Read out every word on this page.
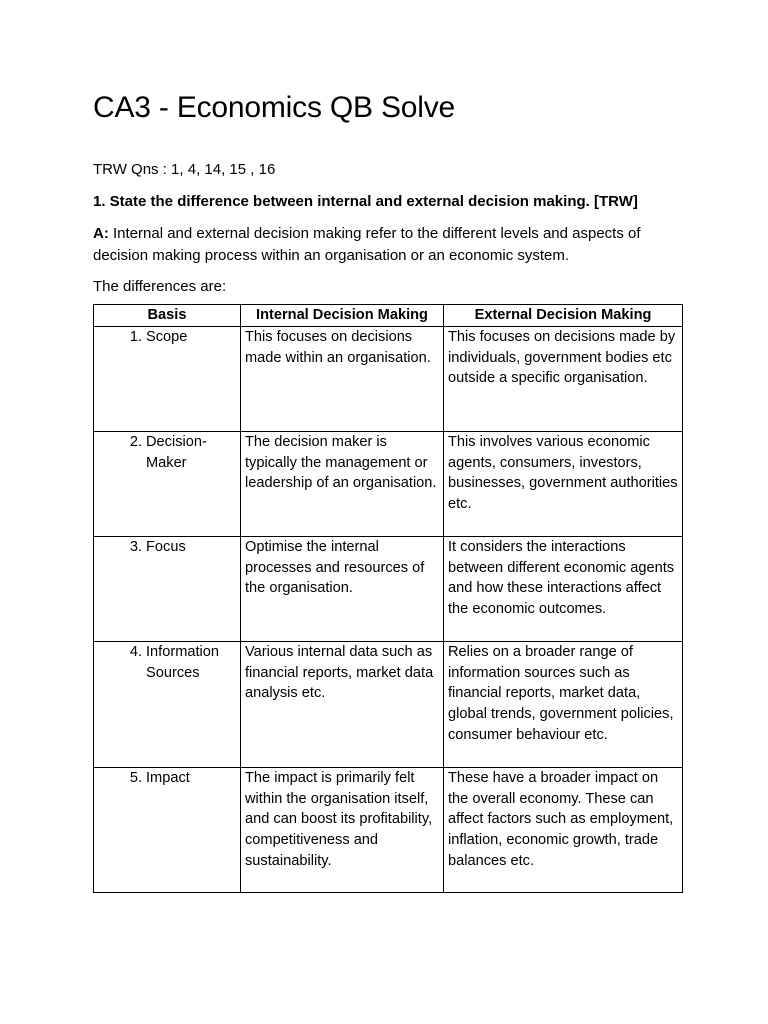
CA3 - Economics QB Solve
TRW Qns : 1, 4, 14, 15 , 16
1. State the difference between internal and external decision making. [TRW]
A: Internal and external decision making refer to the different levels and aspects of decision making process within an organisation or an economic system.
The differences are:
Basis	Internal Decision Making	External Decision Making

1. Scope	This focuses on decisions made within an organisation.	This focuses on decisions made by individuals, government bodies etc outside a specific organisation.

2. Decision-Maker	The decision maker is typically the management or leadership of an organisation.	This involves various economic agents, consumers, investors, businesses, government authorities etc.

3. Focus	Optimise the internal processes and resources of the organisation.	It considers the interactions between different economic agents and how these interactions affect the economic outcomes.

4. Information Sources	Various internal data such as financial reports, market data analysis etc.	Relies on a broader range of information sources such as financial reports, market data, global trends, government policies, consumer behaviour etc.

5. Impact	The impact is primarily felt within the organisation itself, and can boost its profitability, competitiveness and sustainability.	These have a broader impact on the overall economy. These can affect factors such as employment, inflation, economic growth, trade balances etc.
